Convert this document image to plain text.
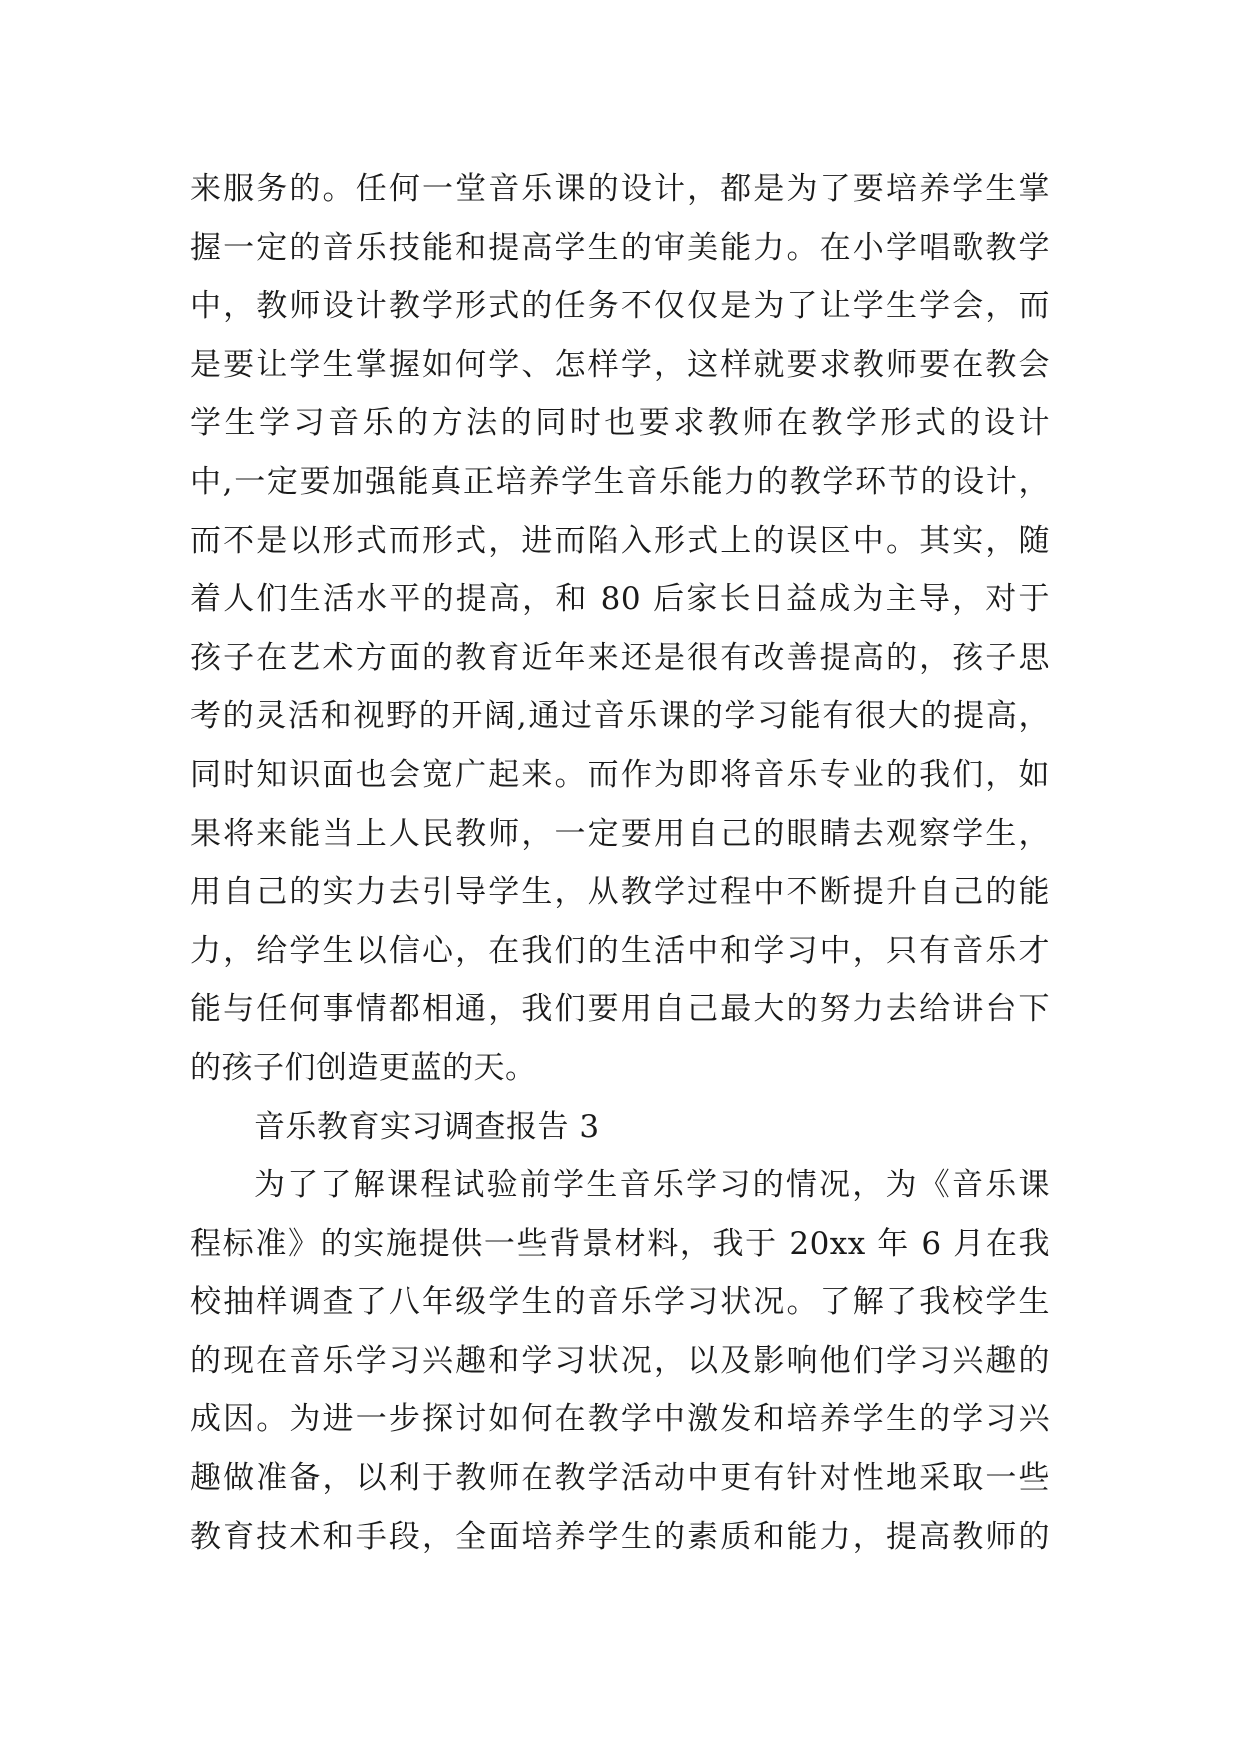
来服务的。任何一堂音乐课的设计，都是为了要培养学生掌
握一定的音乐技能和提高学生的审美能力。在小学唱歌教学
中，教师设计教学形式的任务不仅仅是为了让学生学会，而
是要让学生掌握如何学、怎样学，这样就要求教师要在教会
学生学习音乐的方法的同时也要求教师在教学形式的设计
中,一定要加强能真正培养学生音乐能力的教学环节的设计，
而不是以形式而形式，进而陷入形式上的误区中。其实，随
着人们生活水平的提高，和 80 后家长日益成为主导，对于
孩子在艺术方面的教育近年来还是很有改善提高的，孩子思
考的灵活和视野的开阔,通过音乐课的学习能有很大的提高，
同时知识面也会宽广起来。而作为即将音乐专业的我们，如
果将来能当上人民教师，一定要用自己的眼睛去观察学生，
用自己的实力去引导学生，从教学过程中不断提升自己的能
力，给学生以信心，在我们的生活中和学习中，只有音乐才
能与任何事情都相通，我们要用自己最大的努力去给讲台下
的孩子们创造更蓝的天。
音乐教育实习调查报告 3
为了了解课程试验前学生音乐学习的情况，为《音乐课
程标准》的实施提供一些背景材料，我于 20xx 年 6 月在我
校抽样调查了八年级学生的音乐学习状况。了解了我校学生
的现在音乐学习兴趣和学习状况，以及影响他们学习兴趣的
成因。为进一步探讨如何在教学中激发和培养学生的学习兴
趣做准备，以利于教师在教学活动中更有针对性地采取一些
教育技术和手段，全面培养学生的素质和能力，提高教师的
